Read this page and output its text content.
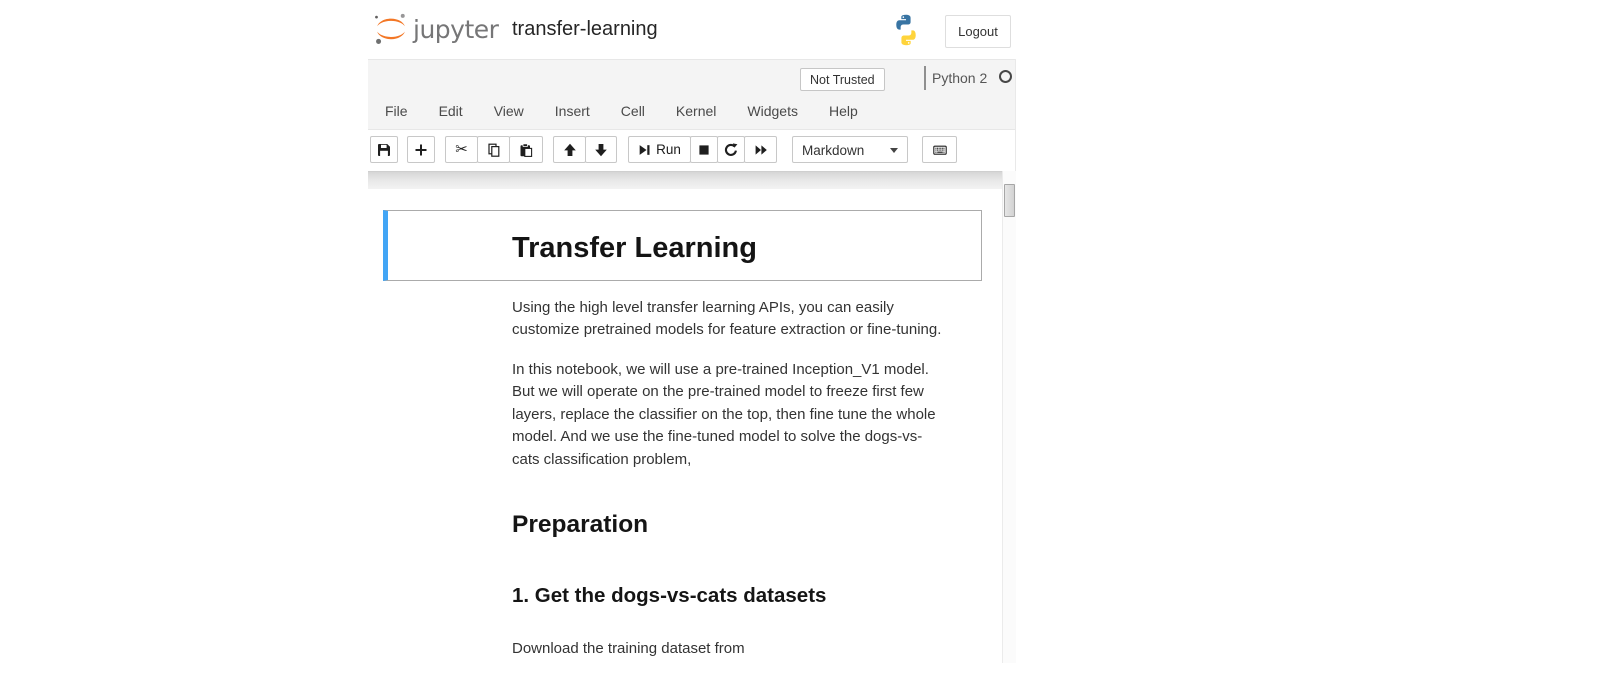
jupyter transfer-learning	Logout
Not Trusted	Python 2
File Edit View Insert Cell Kernel Widgets Help
✂	Run	Markdown
Transfer Learning

Using the high level transfer learning APIs, you can easily customize pretrained models for feature extraction or fine-tuning.

In this notebook, we will use a pre-trained Inception_V1 model. But we will operate on the pre-trained model to freeze first few layers, replace the classifier on the top, then fine tune the whole model. And we use the fine-tuned model to solve the dogs-vs-cats classification problem,

Preparation
1. Get the dogs-vs-cats datasets

Download the training dataset from
